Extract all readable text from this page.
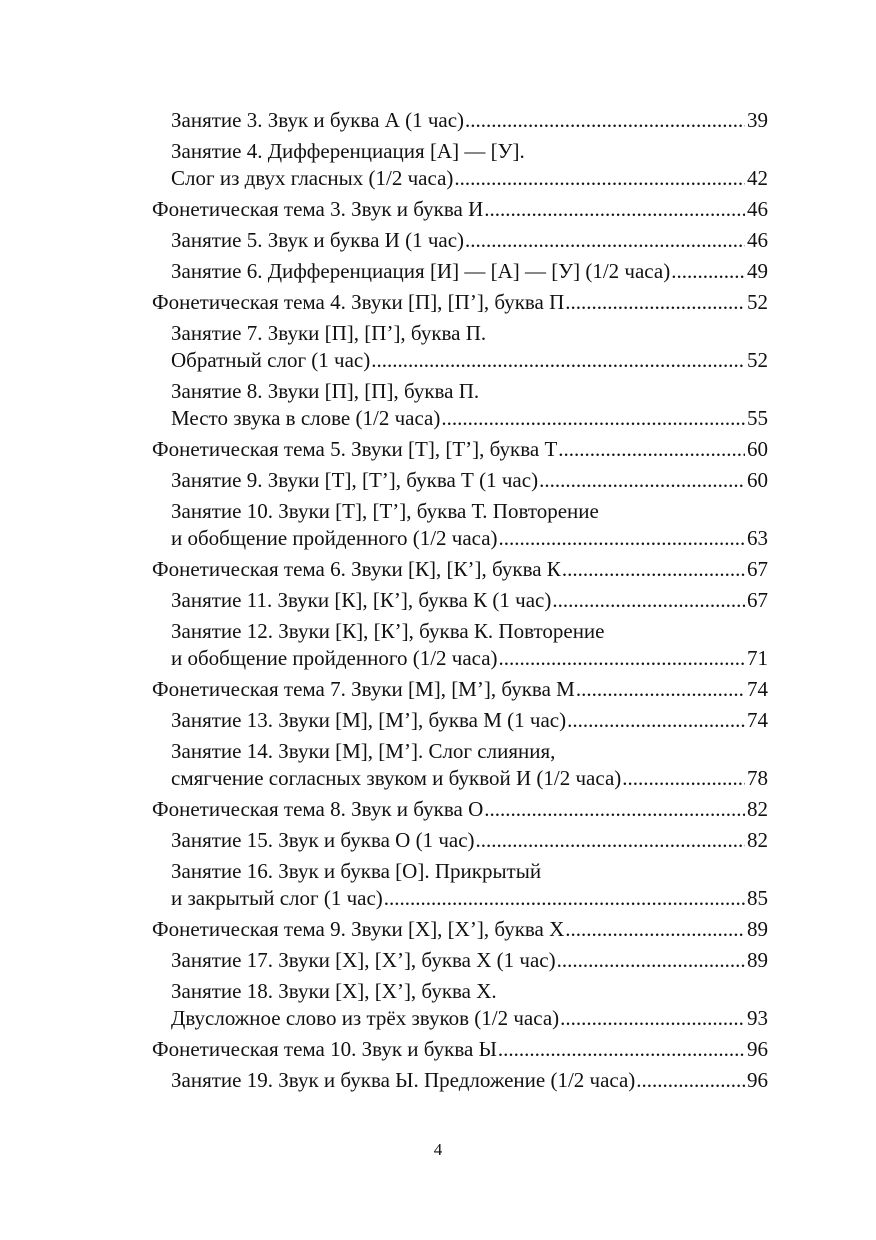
Занятие 3. Звук и буква А (1 час) .....	39
Занятие 4. Дифференциация [А] — [У].
Слог из двух гласных (1/2 часа) .....	42
Фонетическая тема 3. Звук и буква И .....	46
Занятие 5. Звук и буква И (1 час) .....	46
Занятие 6. Дифференциация [И] — [А] — [У] (1/2 часа) .....	49
Фонетическая тема 4. Звуки [П], [П’], буква П .....	52
Занятие 7. Звуки [П], [П’], буква П.
Обратный слог (1 час) .....	52
Занятие 8. Звуки [П], [П], буква П.
Место звука в слове (1/2 часа) .....	55
Фонетическая тема 5. Звуки [Т], [Т’], буква Т .....	60
Занятие 9. Звуки [Т], [Т’], буква Т (1 час) .....	60
Занятие 10. Звуки [Т], [Т’], буква Т. Повторение
и обобщение пройденного (1/2 часа) .....	63
Фонетическая тема 6. Звуки [К], [К’], буква К .....	67
Занятие 11. Звуки [К], [К’], буква К (1 час) .....	67
Занятие 12. Звуки [К], [К’], буква К. Повторение
и обобщение пройденного (1/2 часа) .....	71
Фонетическая тема 7. Звуки [М], [М’], буква М .....	74
Занятие 13. Звуки [М], [М’], буква М (1 час) .....	74
Занятие 14. Звуки [М], [М’]. Слог слияния,
смягчение согласных звуком и буквой И (1/2 часа) .....	78
Фонетическая тема 8. Звук и буква О .....	82
Занятие 15. Звук и буква О (1 час) .....	82
Занятие 16. Звук и буква [О]. Прикрытый
и закрытый слог (1 час) .....	85
Фонетическая тема 9. Звуки [Х], [Х’], буква Х .....	89
Занятие 17. Звуки [Х], [Х’], буква Х (1 час) .....	89
Занятие 18. Звуки [Х], [Х’], буква Х.
Двусложное слово из трёх звуков (1/2 часа) .....	93
Фонетическая тема 10. Звук и буква Ы .....	96
Занятие 19. Звук и буква Ы. Предложение (1/2 часа) .....	96
4
